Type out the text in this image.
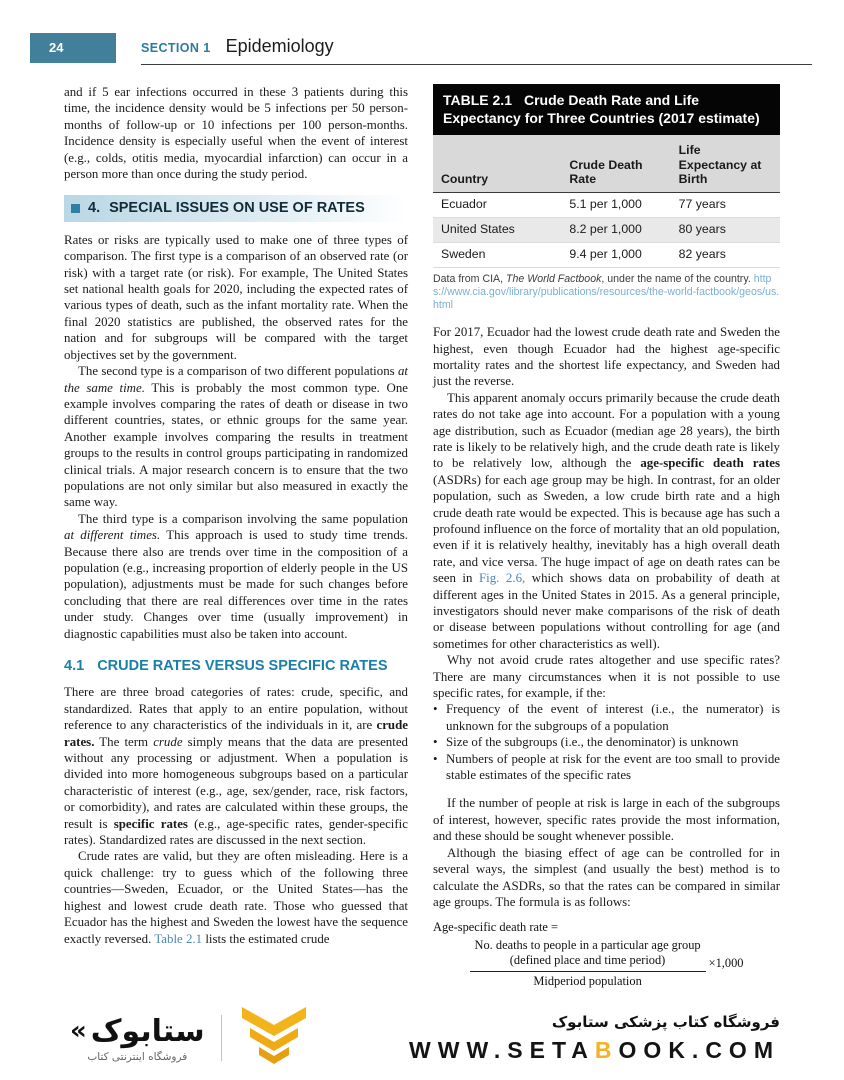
24	SECTION 1 Epidemiology

and if 5 ear infections occurred in these 3 patients during this time, the incidence density would be 5 infections per 50 person-months of follow-up or 10 infections per 100 person-months. Incidence density is especially useful when the event of interest (e.g., colds, otitis media, myocardial infarction) can occur in a person more than once during the study period.

4. SPECIAL ISSUES ON USE OF RATES

Rates or risks are typically used to make one of three types of comparison. The first type is a comparison of an observed rate (or risk) with a target rate (or risk). For example, The United States set national health goals for 2020, including the expected rates of various types of death, such as the infant mortality rate. When the final 2020 statistics are published, the observed rates for the nation and for subgroups will be compared with the target objectives set by the government.

The second type is a comparison of two different populations at the same time. This is probably the most common type. One example involves comparing the rates of death or disease in two different countries, states, or ethnic groups for the same year. Another example involves comparing the results in treatment groups to the results in control groups participating in randomized clinical trials. A major research concern is to ensure that the two populations are not only similar but also measured in exactly the same way.

The third type is a comparison involving the same population at different times. This approach is used to study time trends. Because there also are trends over time in the composition of a population (e.g., increasing proportion of elderly people in the US population), adjustments must be made for such changes before concluding that there are real differences over time in the rates under study. Changes over time (usually improvement) in diagnostic capabilities must also be taken into account.

4.1 CRUDE RATES VERSUS SPECIFIC RATES

There are three broad categories of rates: crude, specific, and standardized. Rates that apply to an entire population, without reference to any characteristics of the individuals in it, are crude rates. The term crude simply means that the data are presented without any processing or adjustment. When a population is divided into more homogeneous subgroups based on a particular characteristic of interest (e.g., age, sex/gender, race, risk factors, or comorbidity), and rates are calculated within these groups, the result is specific rates (e.g., age-specific rates, gender-specific rates). Standardized rates are discussed in the next section.

Crude rates are valid, but they are often misleading. Here is a quick challenge: try to guess which of the following three countries—Sweden, Ecuador, or the United States—has the highest and lowest crude death rate. Those who guessed that Ecuador has the highest and Sweden the lowest have the sequence exactly reversed. Table 2.1 lists the estimated crude

TABLE 2.1 Crude Death Rate and Life Expectancy for Three Countries (2017 estimate)
Country	Crude Death Rate	Life Expectancy at Birth
Ecuador	5.1 per 1,000	77 years
United States	8.2 per 1,000	80 years
Sweden	9.4 per 1,000	82 years
Data from CIA, The World Factbook, under the name of the country. https://www.cia.gov/library/publications/resources/the-world-factbook/geos/us.html

For 2017, Ecuador had the lowest crude death rate and Sweden the highest, even though Ecuador had the highest age-specific mortality rates and the shortest life expectancy, and Sweden had just the reverse.

This apparent anomaly occurs primarily because the crude death rates do not take age into account. For a population with a young age distribution, such as Ecuador (median age 28 years), the birth rate is likely to be relatively high, and the crude death rate is likely to be relatively low, although the age-specific death rates (ASDRs) for each age group may be high. In contrast, for an older population, such as Sweden, a low crude birth rate and a high crude death rate would be expected. This is because age has such a profound influence on the force of mortality that an old population, even if it is relatively healthy, inevitably has a high overall death rate, and vice versa. The huge impact of age on death rates can be seen in Fig. 2.6, which shows data on probability of death at different ages in the United States in 2015. As a general principle, investigators should never make comparisons of the risk of death or disease between populations without controlling for age (and sometimes for other characteristics as well).

Why not avoid crude rates altogether and use specific rates? There are many circumstances when it is not possible to use specific rates, for example, if the:

• Frequency of the event of interest (i.e., the numerator) is unknown for the subgroups of a population
• Size of the subgroups (i.e., the denominator) is unknown
• Numbers of people at risk for the event are too small to provide stable estimates of the specific rates

If the number of people at risk is large in each of the subgroups of interest, however, specific rates provide the most information, and these should be sought whenever possible.

Although the biasing effect of age can be controlled for in several ways, the simplest (and usually the best) method is to calculate the ASDRs, so that the rates can be compared in similar age groups. The formula is as follows:

Age-specific death rate =
No. deaths to people in a particular age group
(defined place and time period)
Midperiod population
×1,000
« ستابوک
فروشگاه اینترنتی کتاب
فروشگاه کتاب پزشکی ستابوک
WWW.SETABOOK.COM
